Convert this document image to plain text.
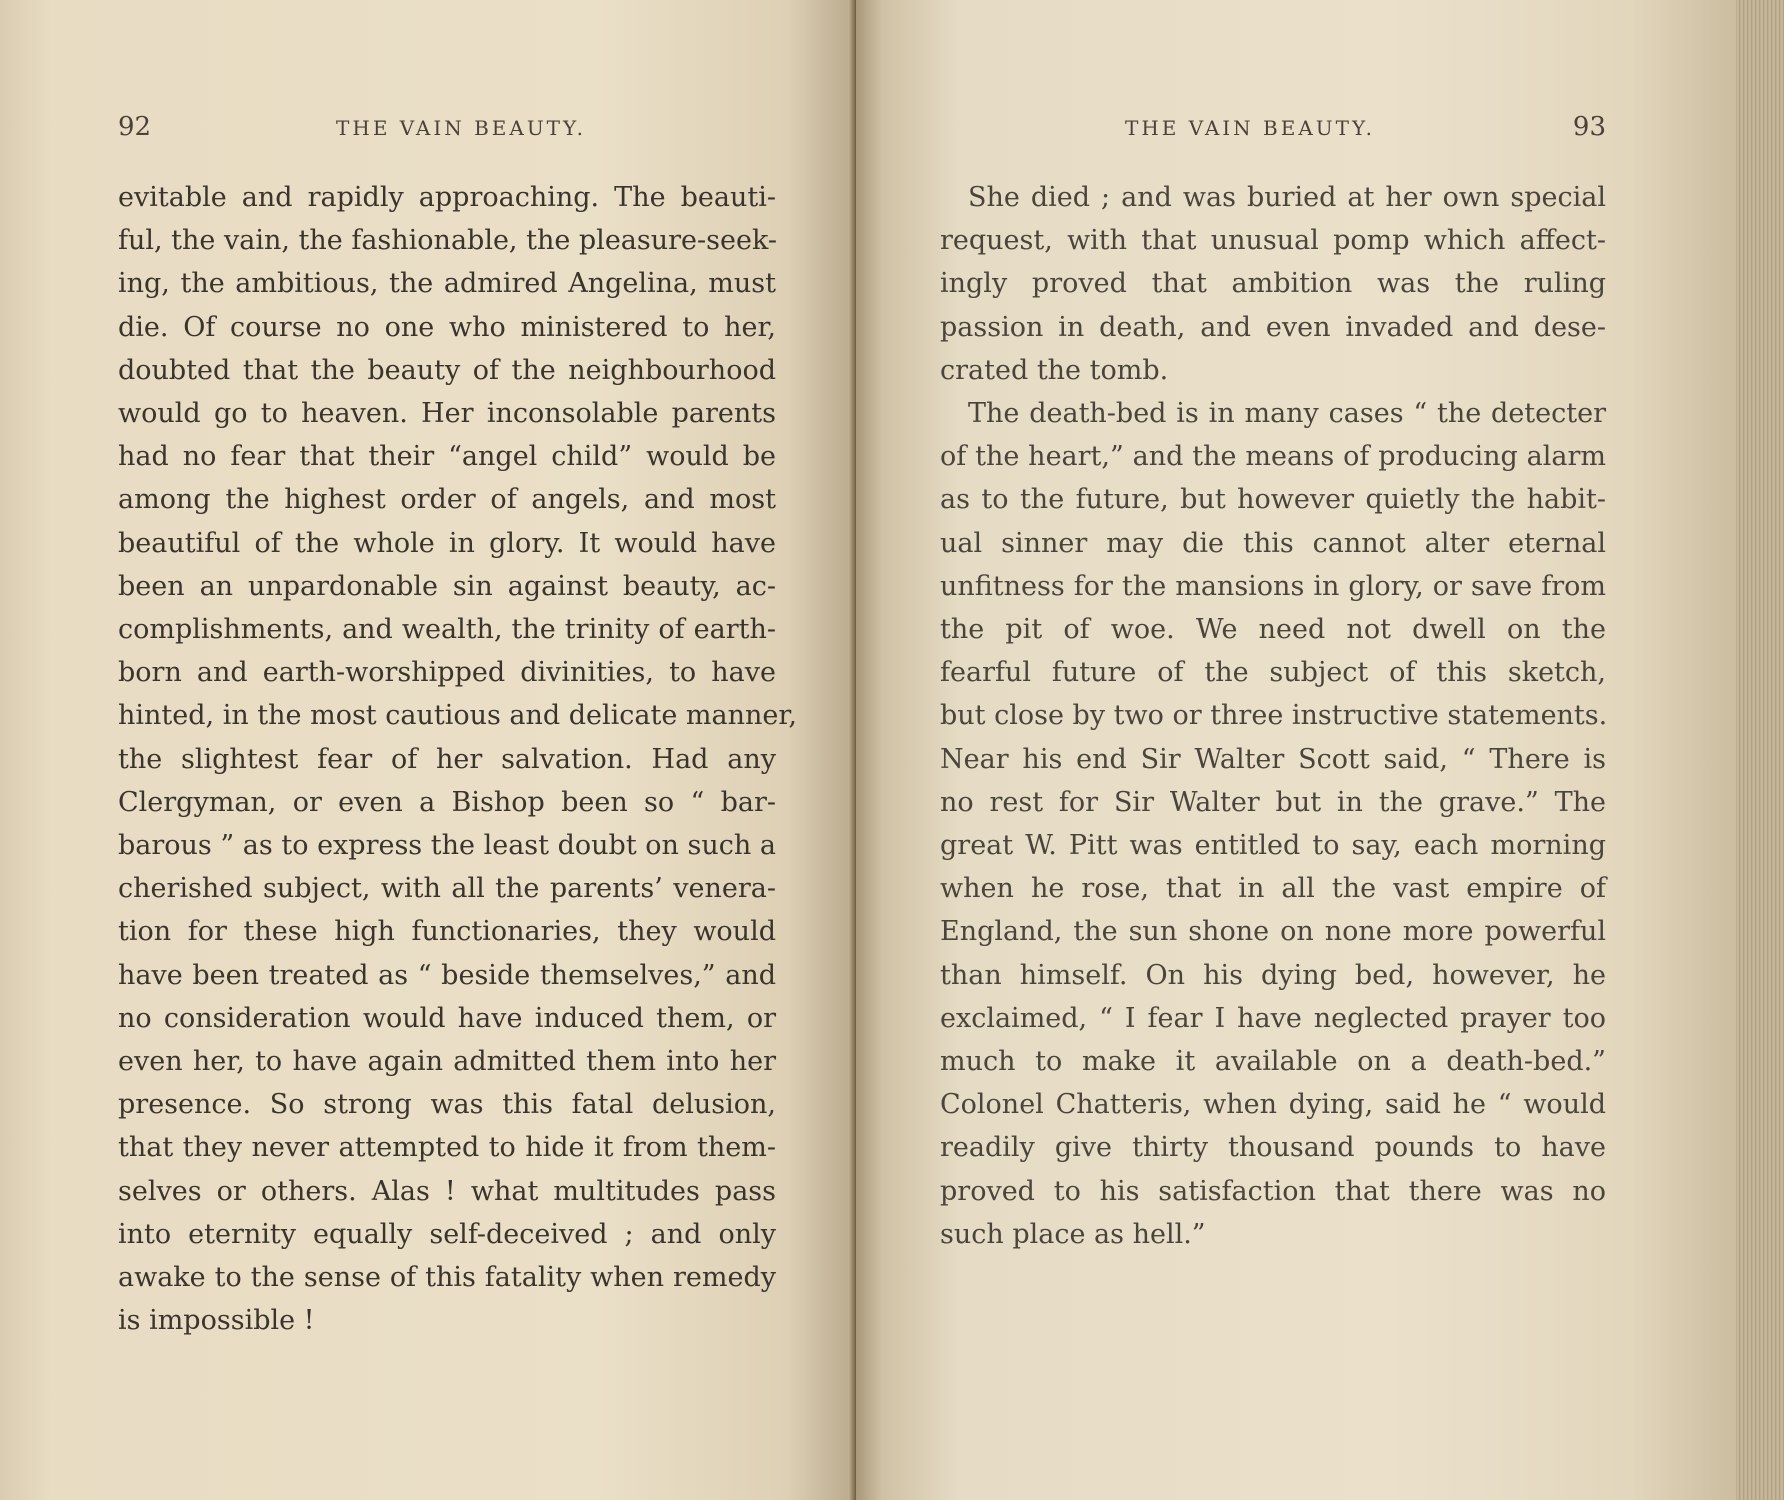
92	THE VAIN BEAUTY.
evitable and rapidly approaching. The beauti-
ful, the vain, the fashionable, the pleasure-seek-
ing, the ambitious, the admired Angelina, must
die. Of course no one who ministered to her,
doubted that the beauty of the neighbourhood
would go to heaven. Her inconsolable parents
had no fear that their “angel child” would be
among the highest order of angels, and most
beautiful of the whole in glory. It would have
been an unpardonable sin against beauty, ac-
complishments, and wealth, the trinity of earth-
born and earth-worshipped divinities, to have
hinted, in the most cautious and delicate manner,
the slightest fear of her salvation. Had any
Clergyman, or even a Bishop been so “ bar-
barous ” as to express the least doubt on such a
cherished subject, with all the parents’ venera-
tion for these high functionaries, they would
have been treated as “ beside themselves,” and
no consideration would have induced them, or
even her, to have again admitted them into her
presence. So strong was this fatal delusion,
that they never attempted to hide it from them-
selves or others. Alas ! what multitudes pass
into eternity equally self-deceived ; and only
awake to the sense of this fatality when remedy
is impossible !
THE VAIN BEAUTY.	93
She died ; and was buried at her own special
request, with that unusual pomp which affect-
ingly proved that ambition was the ruling
passion in death, and even invaded and dese-
crated the tomb.
The death-bed is in many cases “ the detecter
of the heart,” and the means of producing alarm
as to the future, but however quietly the habit-
ual sinner may die this cannot alter eternal
unfitness for the mansions in glory, or save from
the pit of woe. We need not dwell on the
fearful future of the subject of this sketch,
but close by two or three instructive statements.
Near his end Sir Walter Scott said, “ There is
no rest for Sir Walter but in the grave.” The
great W. Pitt was entitled to say, each morning
when he rose, that in all the vast empire of
England, the sun shone on none more powerful
than himself. On his dying bed, however, he
exclaimed, “ I fear I have neglected prayer too
much to make it available on a death-bed.”
Colonel Chatteris, when dying, said he “ would
readily give thirty thousand pounds to have
proved to his satisfaction that there was no
such place as hell.”
